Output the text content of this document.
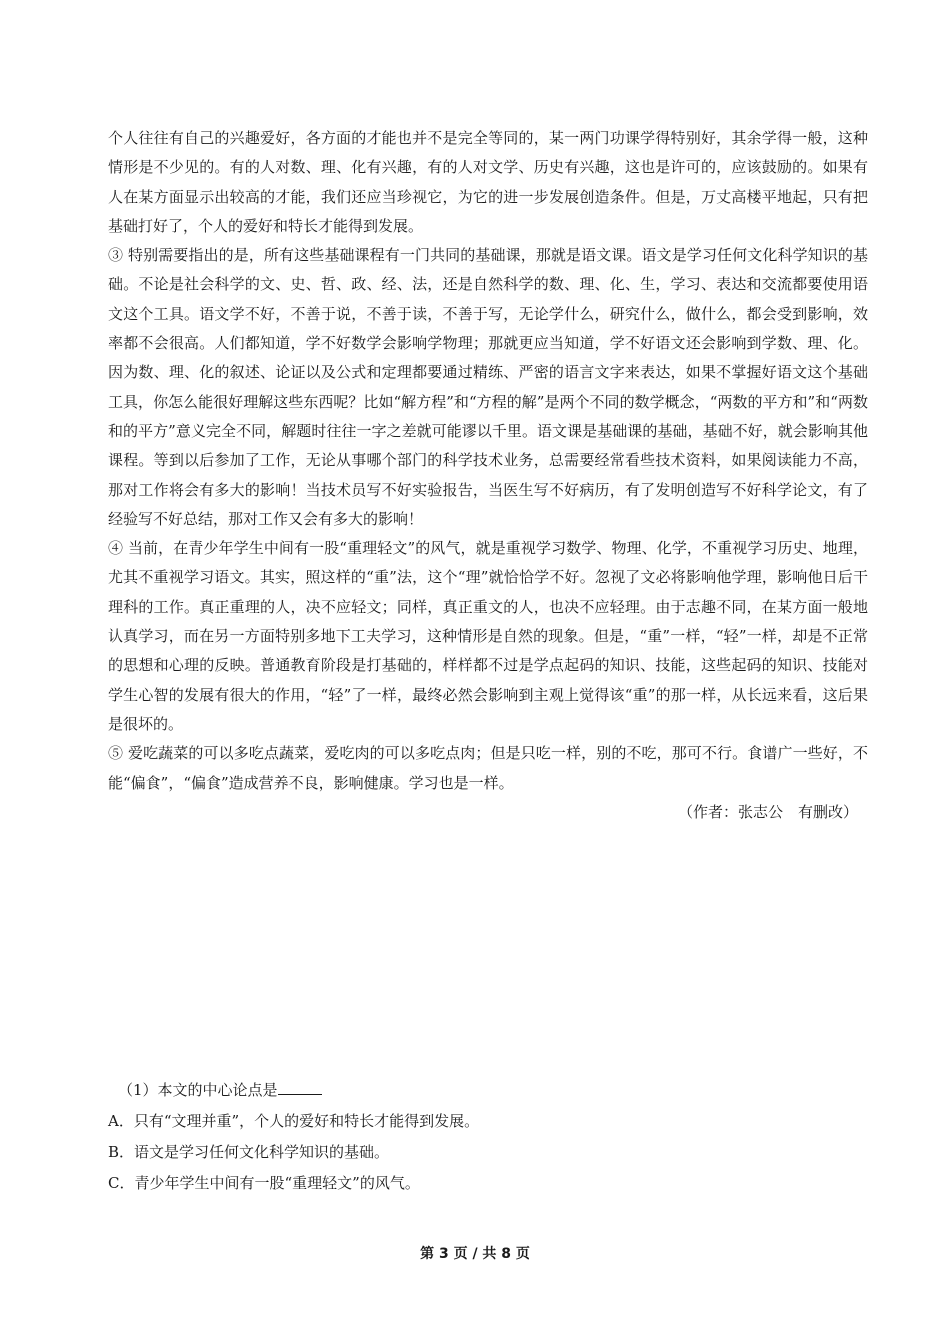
个人往往有自己的兴趣爱好，各方面的才能也并不是完全等同的，某一两门功课学得特别好，其余学得一般，这种情形是不少见的。有的人对数、理、化有兴趣，有的人对文学、历史有兴趣，这也是许可的，应该鼓励的。如果有人在某方面显示出较高的才能，我们还应当珍视它，为它的进一步发展创造条件。但是，万丈高楼平地起，只有把基础打好了，个人的爱好和特长才能得到发展。

③ 特别需要指出的是，所有这些基础课程有一门共同的基础课，那就是语文课。语文是学习任何文化科学知识的基础。不论是社会科学的文、史、哲、政、经、法，还是自然科学的数、理、化、生，学习、表达和交流都要使用语文这个工具。语文学不好，不善于说，不善于读，不善于写，无论学什么，研究什么，做什么，都会受到影响，效率都不会很高。人们都知道，学不好数学会影响学物理；那就更应当知道，学不好语文还会影响到学数、理、化。因为数、理、化的叙述、论证以及公式和定理都要通过精练、严密的语言文字来表达，如果不掌握好语文这个基础工具，你怎么能很好理解这些东西呢？比如“解方程”和“方程的解”是两个不同的数学概念，“两数的平方和”和“两数和的平方”意义完全不同，解题时往往一字之差就可能谬以千里。语文课是基础课的基础，基础不好，就会影响其他课程。等到以后参加了工作，无论从事哪个部门的科学技术业务，总需要经常看些技术资料，如果阅读能力不高，那对工作将会有多大的影响！当技术员写不好实验报告，当医生写不好病历，有了发明创造写不好科学论文，有了经验写不好总结，那对工作又会有多大的影响！

④ 当前，在青少年学生中间有一股“重理轻文”的风气，就是重视学习数学、物理、化学，不重视学习历史、地理，尤其不重视学习语文。其实，照这样的“重”法，这个“理”就恰恰学不好。忽视了文必将影响他学理，影响他日后干理科的工作。真正重理的人，决不应轻文；同样，真正重文的人，也决不应轻理。由于志趣不同，在某方面一般地认真学习，而在另一方面特别多地下工夫学习，这种情形是自然的现象。但是，“重”一样，“轻”一样，却是不正常的思想和心理的反映。普通教育阶段是打基础的，样样都不过是学点起码的知识、技能，这些起码的知识、技能对学生心智的发展有很大的作用，“轻”了一样，最终必然会影响到主观上觉得该“重”的那一样，从长远来看，这后果是很坏的。

⑤ 爱吃蔬菜的可以多吃点蔬菜，爱吃肉的可以多吃点肉；但是只吃一样，别的不吃，那可不行。食谱广一些好，不能“偏食”，“偏食”造成营养不良，影响健康。学习也是一样。

（作者：张志公　有删改）

（1）本文的中心论点是

A．只有“文理并重”，个人的爱好和特长才能得到发展。

B．语文是学习任何文化科学知识的基础。

C．青少年学生中间有一股“重理轻文”的风气。

第 3 页 / 共 8 页
